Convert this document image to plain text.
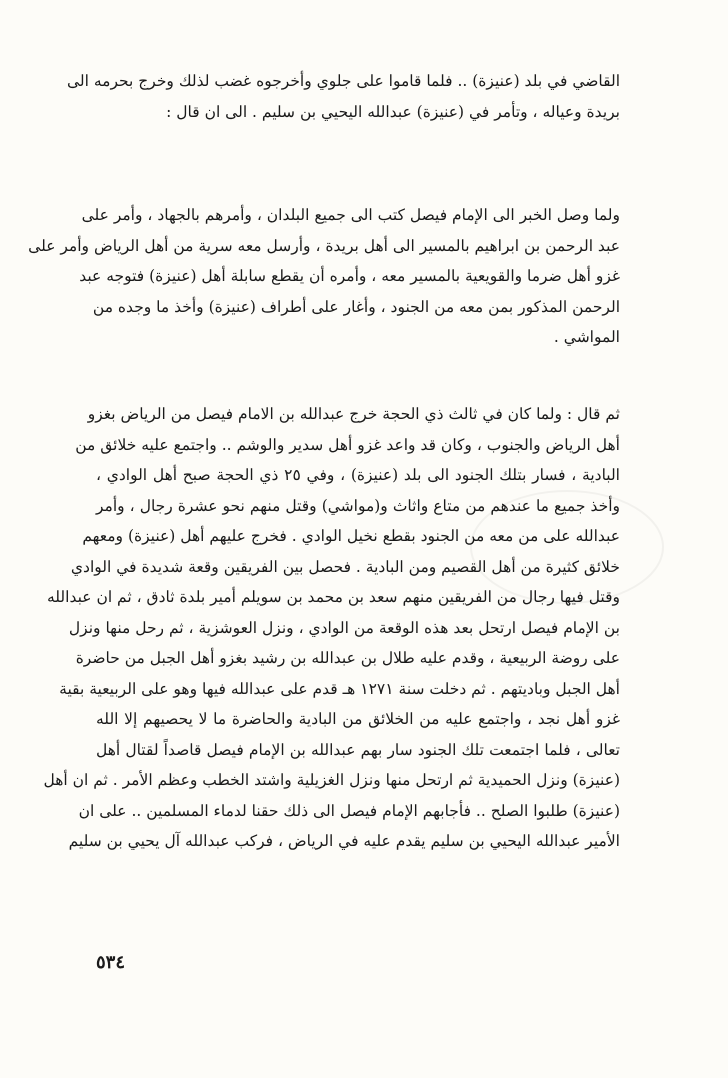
القاضي في بلد (عنيزة) .. فلما قاموا على جلوي وأخرجوه غضب لذلك وخرج بحرمه الى
بريدة وعياله ، وتأمر في (عنيزة) عبدالله اليحيي بن سليم . الى ان قال :
ولما وصل الخبر الى الإمام فيصل كتب الى جميع البلدان ، وأمرهم بالجهاد ، وأمر على
عبد الرحمن بن ابراهيم بالمسير الى أهل بريدة ، وأرسل معه سرية من أهل الرياض وأمر على
غزو أهل ضرما والقويعية بالمسير معه ، وأمره أن يقطع سابلة أهل (عنيزة) فتوجه عبد
الرحمن المذكور بمن معه من الجنود ، وأغار على أطراف (عنيزة) وأخذ ما وجده من
المواشي .
ثم قال : ولما كان في ثالث ذي الحجة خرج عبدالله بن الامام فيصل من الرياض بغزو
أهل الرياض والجنوب ، وكان قد واعد غزو أهل سدير والوشم .. واجتمع عليه خلائق من
البادية ، فسار بتلك الجنود الى بلد (عنيزة) ، وفي ٢٥ ذي الحجة صبح أهل الوادي ،
وأخذ جميع ما عندهم من متاع واثاث و(مواشي) وقتل منهم نحو عشرة رجال ، وأمر
عبدالله على من معه من الجنود بقطع نخيل الوادي . فخرج عليهم أهل (عنيزة) ومعهم
خلائق كثيرة من أهل القصيم ومن البادية . فحصل بين الفريقين وقعة شديدة في الوادي
وقتل فيها رجال من الفريقين منهم سعد بن محمد بن سويلم أمير بلدة ثادق ، ثم ان عبدالله
بن الإمام فيصل ارتحل بعد هذه الوقعة من الوادي ، ونزل العوشزية ، ثم رحل منها ونزل
على روضة الربيعية ، وقدم عليه طلال بن عبدالله بن رشيد بغزو أهل الجبل من حاضرة
أهل الجبل وباديتهم . ثم دخلت سنة ١٢٧١ هـ قدم على عبدالله فيها وهو على الربيعية بقية
غزو أهل نجد ، واجتمع عليه من الخلائق من البادية والحاضرة ما لا يحصيهم إلا الله
تعالى ، فلما اجتمعت تلك الجنود سار بهم عبدالله بن الإمام فيصل قاصداً لقتال أهل
(عنيزة) ونزل الحميدية ثم ارتحل منها ونزل الغزيلية واشتد الخطب وعظم الأمر . ثم ان أهل
(عنيزة) طلبوا الصلح .. فأجابهم الإمام فيصل الى ذلك حقنا لدماء المسلمين .. على ان
الأمير عبدالله اليحيي بن سليم يقدم عليه في الرياض ، فركب عبدالله آل يحيي بن سليم
٥٣٤
